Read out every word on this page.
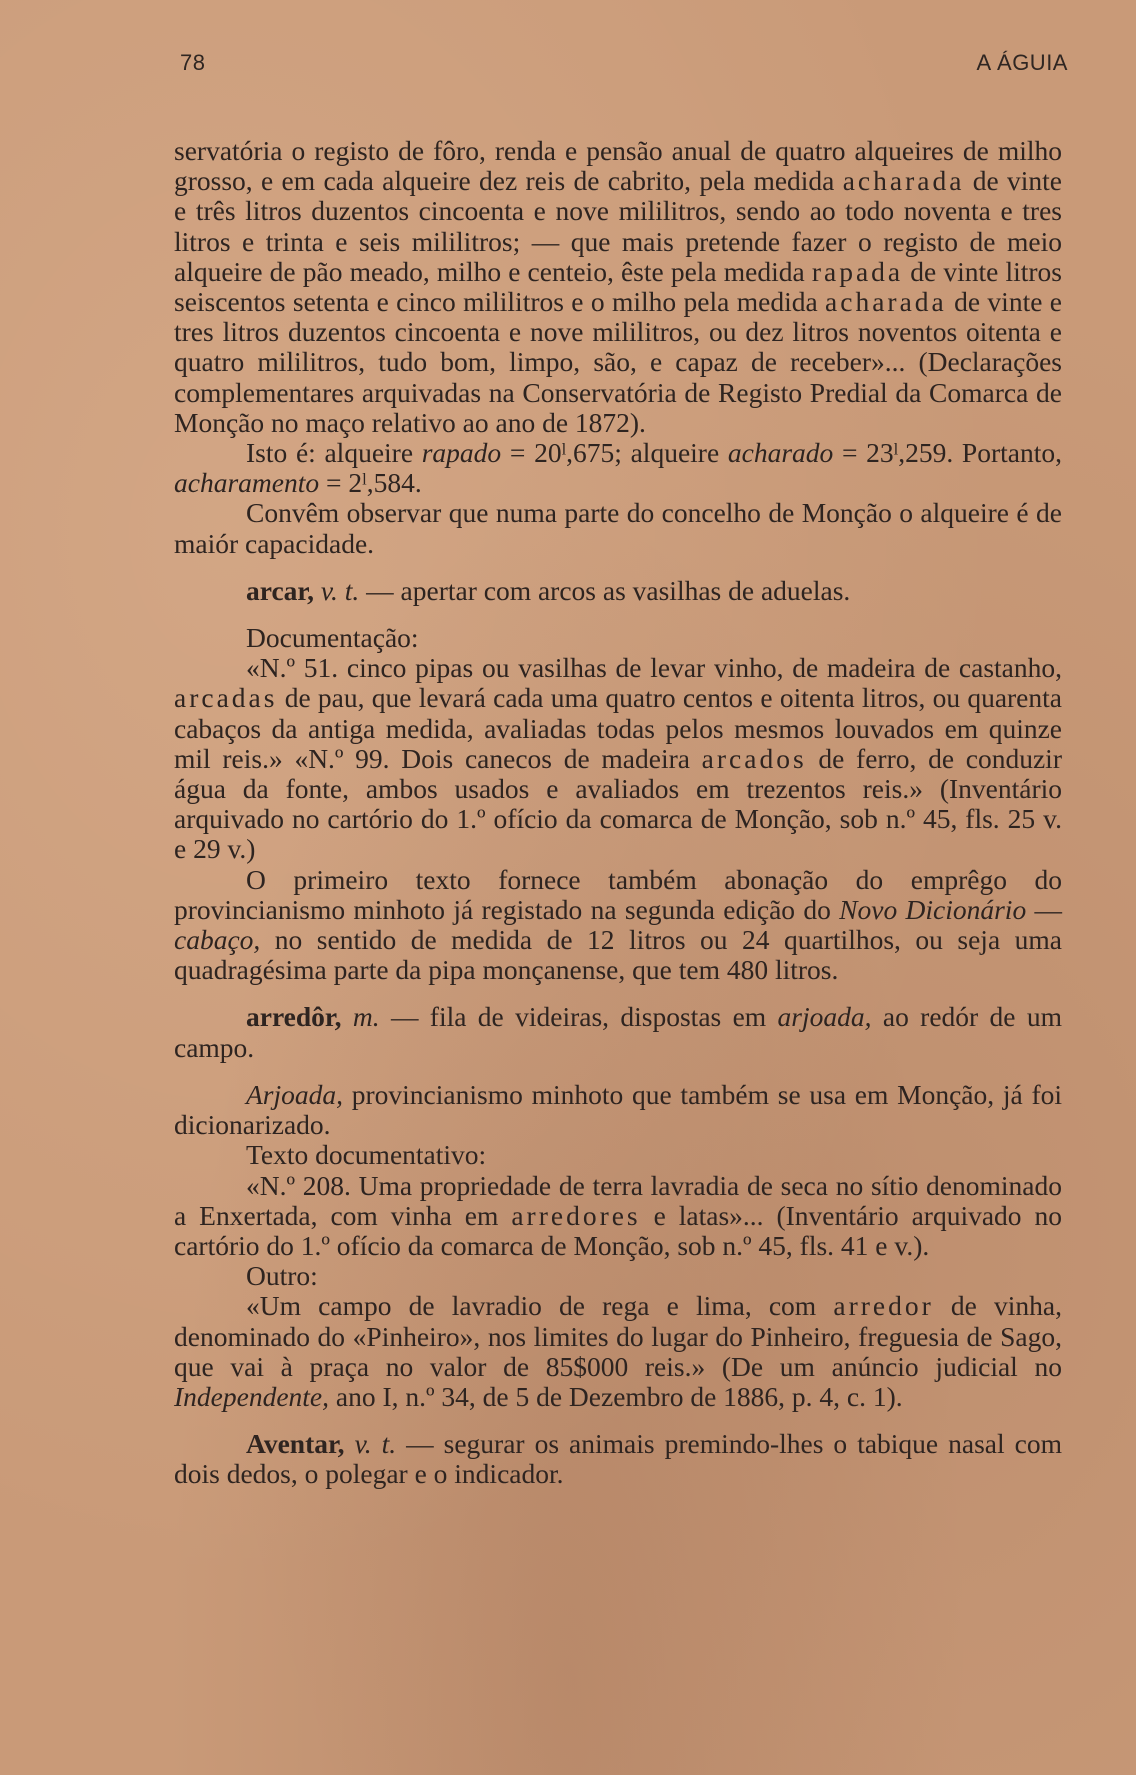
78	A ÁGUIA

servatória o registo de fôro, renda e pensão anual de quatro alqueires de milho grosso, e em cada alqueire dez reis de cabrito, pela medida acharada de vinte e três litros duzentos cincoenta e nove mililitros, sendo ao todo noventa e tres litros e trinta e seis mililitros; — que mais pretende fazer o registo de meio alqueire de pão meado, milho e centeio, êste pela medida rapada de vinte litros seiscentos setenta e cinco mililitros e o milho pela medida acharada de vinte e tres litros duzentos cincoenta e nove mililitros, ou dez litros noventos oitenta e quatro mililitros, tudo bom, limpo, são, e capaz de receber»... (Declarações complementares arquivadas na Conservatória de Registo Predial da Comarca de Monção no maço relativo ao ano de 1872).

Isto é: alqueire rapado = 20ˡ,675; alqueire acharado = 23ˡ,259. Portanto, acharamento = 2ˡ,584.

Convêm observar que numa parte do concelho de Monção o alqueire é de maiór capacidade.

arcar, v. t. — apertar com arcos as vasilhas de aduelas.

Documentação:

«N.º 51. cinco pipas ou vasilhas de levar vinho, de madeira de castanho, arcadas de pau, que levará cada uma quatro centos e oitenta litros, ou quarenta cabaços da antiga medida, avaliadas todas pelos mesmos louvados em quinze mil reis.» «N.º 99. Dois canecos de madeira arcados de ferro, de conduzir água da fonte, ambos usados e avaliados em trezentos reis.» (Inventário arquivado no cartório do 1.º ofício da comarca de Monção, sob n.º 45, fls. 25 v. e 29 v.)

O primeiro texto fornece também abonação do emprêgo do provincianismo minhoto já registado na segunda edição do Novo Dicionário — cabaço, no sentido de medida de 12 litros ou 24 quartilhos, ou seja uma quadragésima parte da pipa monçanense, que tem 480 litros.

arredôr, m. — fila de videiras, dispostas em arjoada, ao redór de um campo.

Arjoada, provincianismo minhoto que também se usa em Monção, já foi dicionarizado.

Texto documentativo:

«N.º 208. Uma propriedade de terra lavradia de seca no sítio denominado a Enxertada, com vinha em arredores e latas»... (Inventário arquivado no cartório do 1.º ofício da comarca de Monção, sob n.º 45, fls. 41 e v.).

Outro:

«Um campo de lavradio de rega e lima, com arredor de vinha, denominado do «Pinheiro», nos limites do lugar do Pinheiro, freguesia de Sago, que vai à praça no valor de 85$000 reis.» (De um anúncio judicial no Independente, ano I, n.º 34, de 5 de Dezembro de 1886, p. 4, c. 1).

Aventar, v. t. — segurar os animais premindo-lhes o tabique nasal com dois dedos, o polegar e o indicador.
